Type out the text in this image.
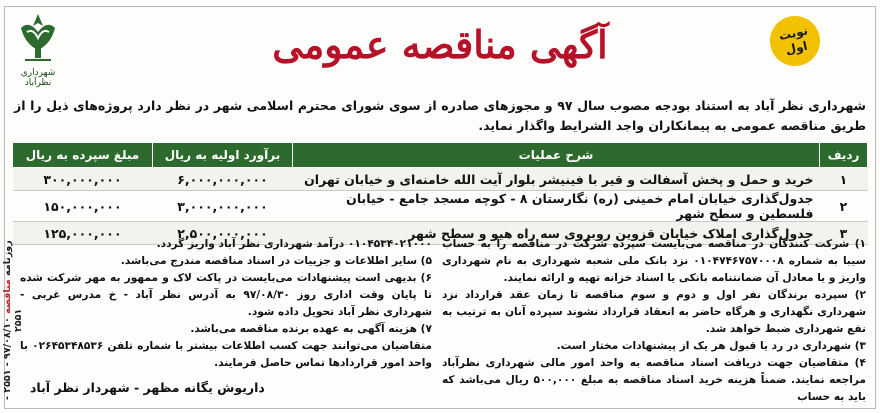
شهرداری نظرآباد
آگهی مناقصه عمومی	نوبت
اول
شهرداری نظر آباد به استناد بودجه مصوب سال ۹۷ و مجوزهای صادره از سوی شورای محترم اسلامی شهر در نظر دارد پروژه‌های ذیل را از طریق مناقصه عمومی به پیمانکاران واجد الشرایط واگذار نماید.
ردیف	شرح عملیات	برآورد اولیه به ریال	مبلغ سپرده به ریال
۱	خرید و حمل و پخش آسفالت و قیر با فینیشر بلوار آیت الله خامنه‌ای و خیابان تهران	۶,۰۰۰,۰۰۰,۰۰۰	۳۰۰,۰۰۰,۰۰۰
۲	جدول‌گذاری خیابان امام خمینی (ره) نگارستان ۸ - کوچه مسجد جامع - خیابان فلسطین و سطح شهر	۳,۰۰۰,۰۰۰,۰۰۰	۱۵۰,۰۰۰,۰۰۰
۳	جدول‌گذاری املاک خیابان قزوین روبروی سه راه هیو و سطح شهر	۲,۵۰۰,۰۰۰,۰۰۰	۱۲۵,۰۰۰,۰۰۰

۱) شرکت کنندگان در مناقصه می‌بایست سپرده شرکت در مناقصه را به حساب سیبا به شماره ۰۱۰۴۷۴۶۷۵۷۰۰۰۸ نزد بانک ملی شعبه شهرداری به نام شهرداری واریز و یا معادل آن ضمانتنامه بانکی یا اسناد خزانه تهیه و ارائه نمایند.

۲) سپرده برندگان نفر اول و دوم و سوم مناقصه تا زمان عقد قرارداد نزد شهرداری نگهداری و هرگاه حاضر به انعقاد قرارداد نشوند سپرده آنان به ترتیب به نفع شهرداری ضبط خواهد شد.

۳) شهرداری در رد یا قبول هر یک از پیشنهادات مختار است.

۴) متقاضیان جهت دریافت اسناد مناقصه به واحد امور مالی شهرداری نظرآباد مراجعه نمایند. ضمناً هزینه خرید اسناد مناقصه به مبلغ ۵۰۰,۰۰۰ ریال می‌باشد که باید به حساب

۰۱۰۴۵۳۴۰۲۱۰۰۰ درآمد شهرداری نظر آباد واریز گردد.

۵) سایر اطلاعات و جزییات در اسناد مناقصه مندرج می‌باشد.

۶) بدیهی است پیشنهادات می‌بایست در پاکت لاک و ممهور به مهر شرکت شده تا پایان وقت اداری روز ۹۷/۰۸/۳۰ به آدرس نظر آباد - خ مدرس غربی - شهرداری نظر آباد تحویل داده شود.

۷) هزینه آگهی به عهده برنده مناقصه می‌باشد.

متقاضیان می‌توانند جهت کسب اطلاعات بیشتر با شماره تلفن ۰۲۶۴۵۳۴۸۵۳۶ با واحد امور قراردادها تماس حاصل فرمایند.

داریوش یگانه مظهر - شهردار نظر آباد
روزنامه مناقصه ۹۷/۰۸/۱۰ - ۲۵۵۱ - ۲۵۵۱
